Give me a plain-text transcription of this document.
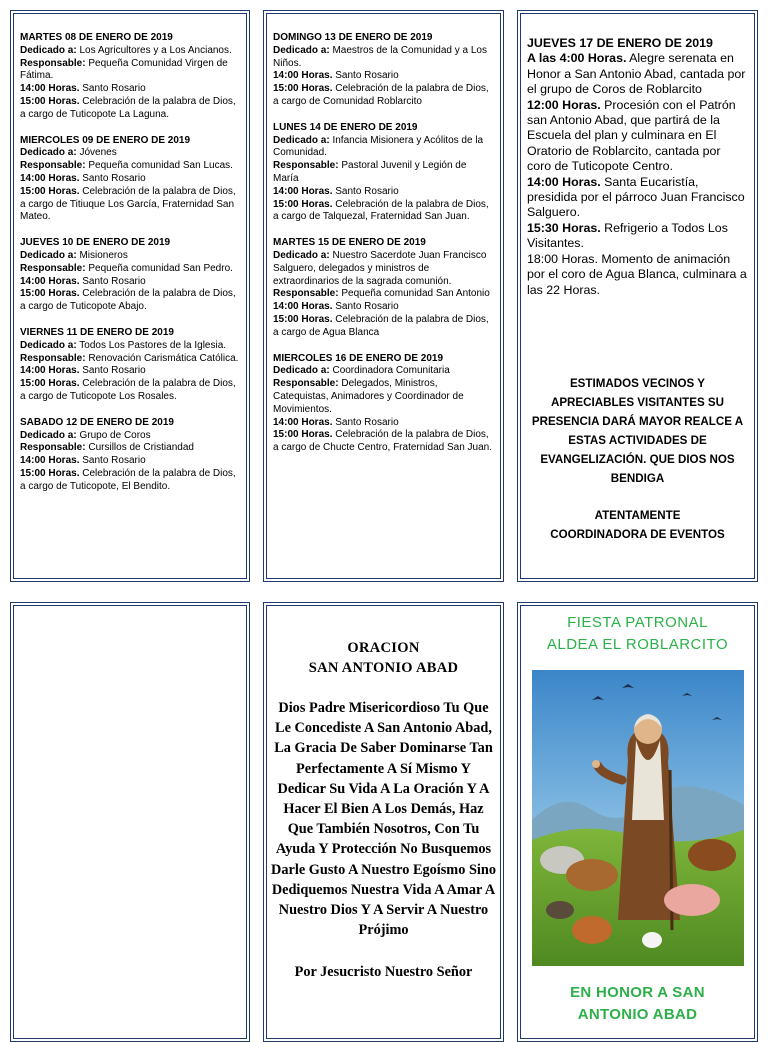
MARTES 08 DE ENERO DE 2019
Dedicado a: Los Agricultores y a Los Ancianos.
Responsable: Pequeña Comunidad Virgen de Fátima.
14:00 Horas. Santo Rosario
15:00 Horas. Celebración de la palabra de Dios, a cargo de Tuticopote La Laguna.
MIERCOLES 09 DE ENERO DE 2019
Dedicado a: Jóvenes
Responsable: Pequeña comunidad San Lucas.
14:00 Horas. Santo Rosario
15:00 Horas. Celebración de la palabra de Dios, a cargo de Titiuque Los García, Fraternidad San Mateo.
JUEVES 10 DE ENERO DE 2019
Dedicado a: Misioneros
Responsable: Pequeña comunidad San Pedro.
14:00 Horas. Santo Rosario
15:00 Horas. Celebración de la palabra de Dios, a cargo de Tuticopote Abajo.
VIERNES 11 DE ENERO DE 2019
Dedicado a: Todos Los Pastores de la Iglesia.
Responsable: Renovación Carismática Católica.
14:00 Horas. Santo Rosario
15:00 Horas. Celebración de la palabra de Dios, a cargo de Tuticopote Los Rosales.
SABADO 12 DE ENERO DE 2019
Dedicado a: Grupo de Coros
Responsable: Cursillos de Cristiandad
14:00 Horas. Santo Rosario
15:00 Horas. Celebración de la palabra de Dios, a cargo de Tuticopote, El Bendito.
DOMINGO 13 DE ENERO DE 2019
Dedicado a: Maestros de la Comunidad y a Los Niños.
14:00 Horas. Santo Rosario
15:00 Horas. Celebración de la palabra de Dios, a cargo de Comunidad Roblarcito
LUNES 14 DE ENERO DE 2019
Dedicado a: Infancia Misionera y Acólitos de la Comunidad.
Responsable: Pastoral Juvenil y Legión de María
14:00 Horas. Santo Rosario
15:00 Horas. Celebración de la palabra de Dios, a cargo de Talquezal, Fraternidad San Juan.
MARTES 15 DE ENERO DE 2019
Dedicado a: Nuestro Sacerdote Juan Francisco Salguero, delegados y ministros de extraordinarios de la sagrada comunión.
Responsable: Pequeña comunidad San Antonio
14:00 Horas. Santo Rosario
15:00 Horas. Celebración de la palabra de Dios, a cargo de Agua Blanca
MIERCOLES 16 DE ENERO DE 2019
Dedicado a: Coordinadora Comunitaria
Responsable: Delegados, Ministros, Catequistas, Animadores y Coordinador de Movimientos.
14:00 Horas. Santo Rosario
15:00 Horas. Celebración de la palabra de Dios, a cargo de Chucte Centro, Fraternidad San Juan.
JUEVES 17 DE ENERO DE 2019
A las 4:00 Horas. Alegre serenata en Honor a San Antonio Abad, cantada por el grupo de Coros de Roblarcito
12:00 Horas. Procesión con el Patrón san Antonio Abad, que partirá de la Escuela del plan y culminara en El Oratorio de Roblarcito, cantada por coro de Tuticopote Centro.
14:00 Horas. Santa Eucaristía, presidida por el párroco Juan Francisco Salguero.
15:30 Horas. Refrigerio a Todos Los Visitantes.
18:00 Horas. Momento de animación por el coro de Agua Blanca, culminara a las 22 Horas.
ESTIMADOS VECINOS Y APRECIABLES VISITANTES SU PRESENCIA DARÁ MAYOR REALCE A ESTAS ACTIVIDADES DE EVANGELIZACIÓN. QUE DIOS NOS BENDIGA
ATENTAMENTE
COORDINADORA DE EVENTOS
ORACION
SAN ANTONIO ABAD
Dios Padre Misericordioso Tu Que Le Concediste A San Antonio Abad, La Gracia De Saber Dominarse Tan Perfectamente A Sí Mismo Y Dedicar Su Vida A La Oración Y A Hacer El Bien A Los Demás, Haz Que También Nosotros, Con Tu Ayuda Y Protección No Busquemos Darle Gusto A Nuestro Egoísmo Sino Dediquemos Nuestra Vida A Amar A Nuestro Dios Y A Servir A Nuestro Prójimo
Por Jesucristo Nuestro Señor
FIESTA PATRONAL
ALDEA EL ROBLARCITO
EN HONOR A SAN
ANTONIO ABAD
